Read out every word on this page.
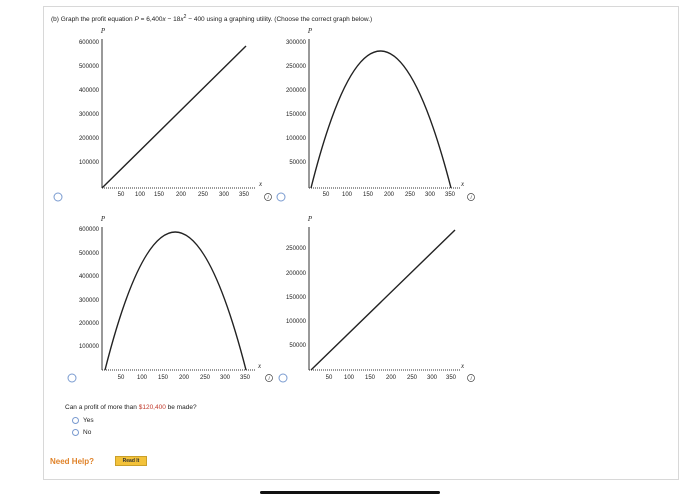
(b) Graph the profit equation $P = 6,400x - 18x^2 - 400$ using a graphing utility. (Choose the correct graph below.)
P
x
600000
500000
400000
300000
200000
100000
50 100 150 200 250 300 350	i
P
x
300000
250000
200000
150000
100000
50000
50 100 150 200 250 300 350	i
P
x
600000
500000
400000
300000
200000
100000
50 100 150 200 250 300 350	i
P
x
250000
200000
150000
100000
50000
50 100 150 200 250 300 350	i
Can a profit of more than $120,400 be made?
Yes
No
Need Help?	Read It
